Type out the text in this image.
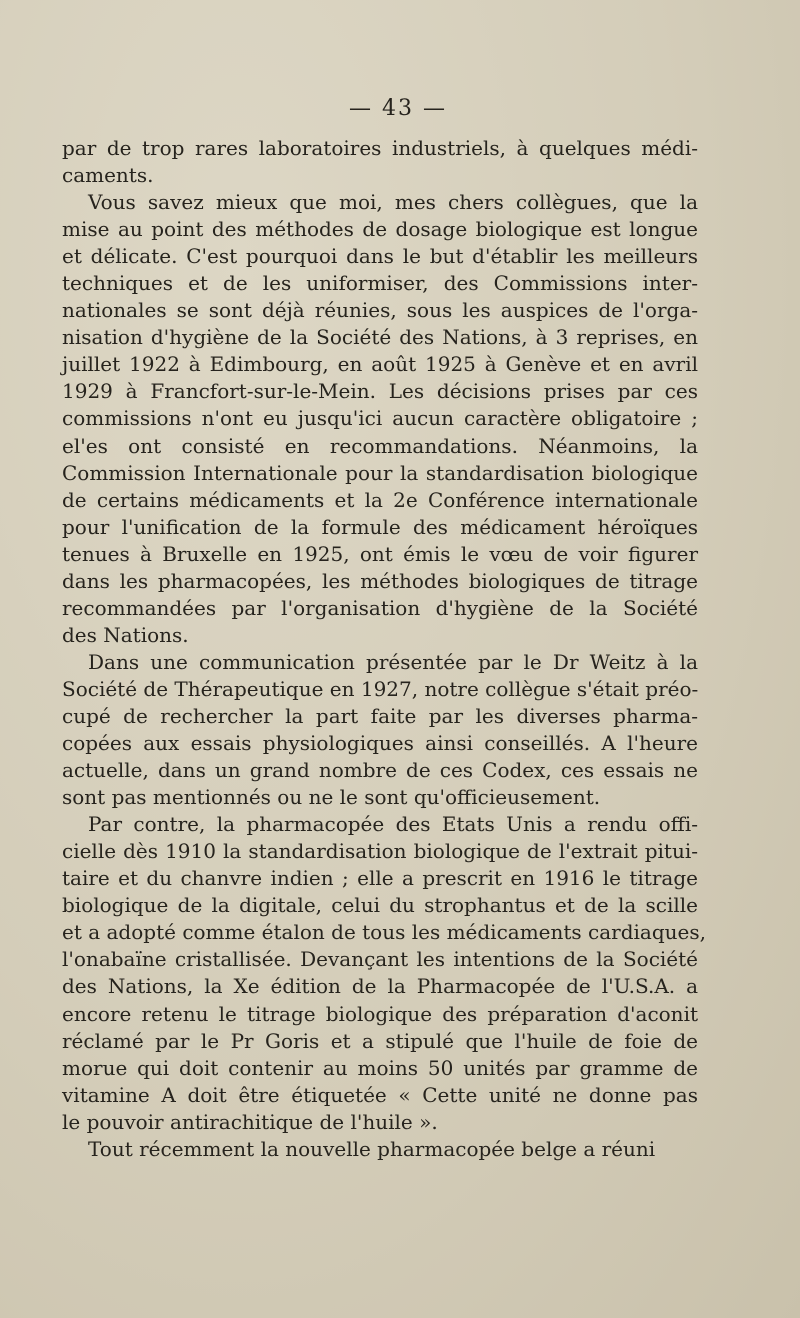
— 43 —

par de trop rares laboratoires industriels, à quelques médi-
caments.

Vous savez mieux que moi, mes chers collègues, que la
mise au point des méthodes de dosage biologique est longue
et délicate. C'est pourquoi dans le but d'établir les meilleurs
techniques et de les uniformiser, des Commissions inter-
nationales se sont déjà réunies, sous les auspices de l'orga-
nisation d'hygiène de la Société des Nations, à 3 reprises, en
juillet 1922 à Edimbourg, en août 1925 à Genève et en avril
1929 à Francfort-sur-le-Mein. Les décisions prises par ces
commissions n'ont eu jusqu'ici aucun caractère obligatoire ;
el'es ont consisté en recommandations. Néanmoins, la
Commission Internationale pour la standardisation biologique
de certains médicaments et la 2e Conférence internationale
pour l'unification de la formule des médicament héroïques
tenues à Bruxelle en 1925, ont émis le vœu de voir figurer
dans les pharmacopées, les méthodes biologiques de titrage
recommandées par l'organisation d'hygiène de la Société
des Nations.

Dans une communication présentée par le Dr Weitz à la
Société de Thérapeutique en 1927, notre collègue s'était préo-
cupé de rechercher la part faite par les diverses pharma-
copées aux essais physiologiques ainsi conseillés. A l'heure
actuelle, dans un grand nombre de ces Codex, ces essais ne
sont pas mentionnés ou ne le sont qu'officieusement.

Par contre, la pharmacopée des Etats Unis a rendu offi-
cielle dès 1910 la standardisation biologique de l'extrait pitui-
taire et du chanvre indien ; elle a prescrit en 1916 le titrage
biologique de la digitale, celui du strophantus et de la scille
et a adopté comme étalon de tous les médicaments cardiaques,
l'onabaïne cristallisée. Devançant les intentions de la Société
des Nations, la Xe édition de la Pharmacopée de l'U.S.A. a
encore retenu le titrage biologique des préparation d'aconit
réclamé par le Pr Goris et a stipulé que l'huile de foie de
morue qui doit contenir au moins 50 unités par gramme de
vitamine A doit être étiquetée « Cette unité ne donne pas
le pouvoir antirachitique de l'huile ».

Tout récemment la nouvelle pharmacopée belge a réuni
